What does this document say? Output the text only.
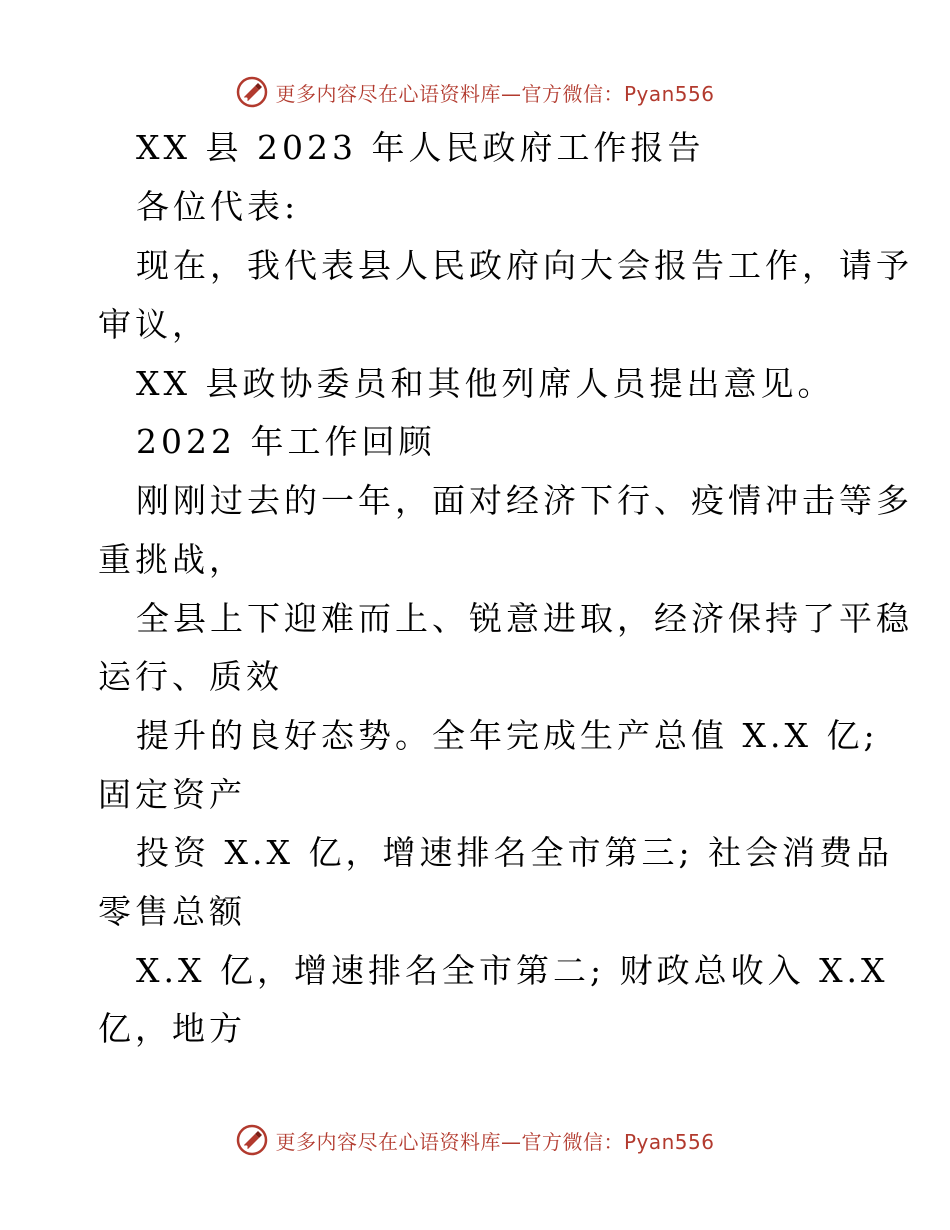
更多内容尽在心语资料库—官方微信：Pyan556
XX 县 2023 年人民政府工作报告
各位代表:
现在，我代表县人民政府向大会报告工作，请予
审议，
XX 县政协委员和其他列席人员提出意见。
2022 年工作回顾
刚刚过去的一年，面对经济下行、疫情冲击等多
重挑战，
全县上下迎难而上、锐意进取，经济保持了平稳
运行、质效
提升的良好态势。全年完成生产总值 X.X 亿;
固定资产
投资 X.X 亿，增速排名全市第三; 社会消费品
零售总额
X.X 亿，增速排名全市第二; 财政总收入 X.X
亿，地方
更多内容尽在心语资料库—官方微信：Pyan556
